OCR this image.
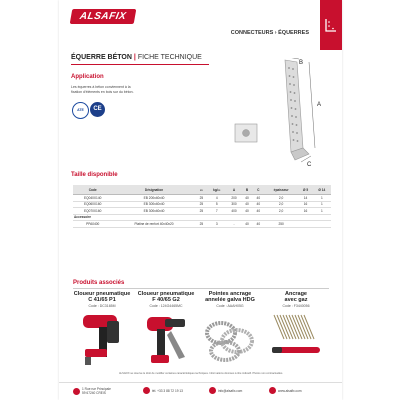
ALSAFIX
CONNECTEURS › ÉQUERRES
ÉQUERRE BÉTON | FICHE TECHNIQUE
Application
Les équerres à béton conviennent à la fixation d'éléments en bois sur du béton.
ATE	CE
A
B
C
Taille disponible
Code	Désignation	▭	kg/▭	A	B	C	épaisseur	Ø 5	Ø 14
EQ040X140	EB 200x40x40	25	4	200	40	40	2,0	14	1
EQ060X160	EB 300x40x40	25	5	300	40	40	2,0	16	1
EQ070X160	EB 300x40x40	25	7	400	40	40	2,0	16	1
Accessoire									
PPA0400	Platine de renfort 40x40x20	25	3	-	40	40	250		
Produits associés
Cloueur pneumatique
C 41/65 P1
Code : DC3165M
Cloueur pneumatique
F 40/65 G2
Code : 124G4465MC
Pointes ancrage
annelée galva HDG
Code : AAAH05G
Ancrage
avec gaz
Code : F3440056
ALSAFIX se réserve le droit de modifier certaines caractéristiques techniques. Informations données à titre indicatif. Photos non contractuelles.
1 Rue rue Principale
59 67240 CREIS
tél. +33 3 88 72 19 13	info@alsafix.com	www.alsafix.com
